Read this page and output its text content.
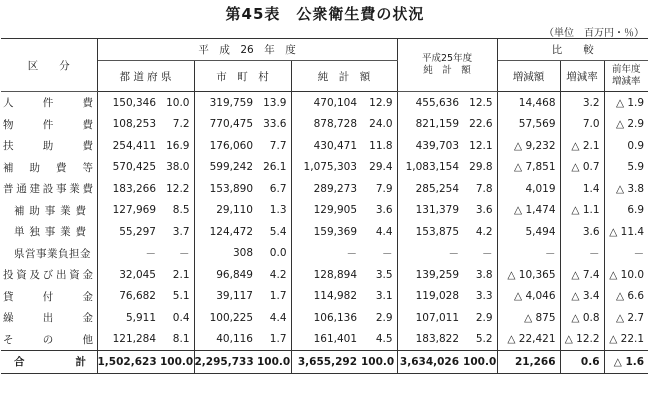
第45表　公衆衛生費の状況
（単位　百万円・％）
区　　分	平　成　26　年　度						平成25年度
純　計　額		比　　較		
	都 道 府 県		市　町　村		純　計　額				増減額	増減率	前年度
増減率

人件費	150,346	10.0	319,759	13.9	470,104	12.9	455,636	12.5	14,468	3.2	△ 1.9
物件費	108,253	7.2	770,475	33.6	878,728	24.0	821,159	22.6	57,569	7.0	△ 2.9
扶助費	254,411	16.9	176,060	7.7	430,471	11.8	439,703	12.1	△ 9,232	△ 2.1	0.9
補助費等	570,425	38.0	599,242	26.1	1,075,303	29.4	1,083,154	29.8	△ 7,851	△ 0.7	5.9
普通建設事業費	183,266	12.2	153,890	6.7	289,273	7.9	285,254	7.8	4,019	1.4	△ 3.8
補助事業費	127,969	8.5	29,110	1.3	129,905	3.6	131,379	3.6	△ 1,474	△ 1.1	6.9
単独事業費	55,297	3.7	124,472	5.4	159,369	4.4	153,875	4.2	5,494	3.6	△ 11.4
県営事業負担金	－	－	308	0.0	－	－	－	－	－	－	－
投資及び出資金	32,045	2.1	96,849	4.2	128,894	3.5	139,259	3.8	△ 10,365	△ 7.4	△ 10.0
貸付金	76,682	5.1	39,117	1.7	114,982	3.1	119,028	3.3	△ 4,046	△ 3.4	△ 6.6
繰出金	5,911	0.4	100,225	4.4	106,136	2.9	107,011	2.9	△ 875	△ 0.8	△ 2.7
その他	121,284	8.1	40,116	1.7	161,401	4.5	183,822	5.2	△ 22,421	△ 12.2	△ 22.1
合計	1,502,623	100.0	2,295,733	100.0	3,655,292	100.0	3,634,026	100.0	21,266	0.6	△ 1.6
